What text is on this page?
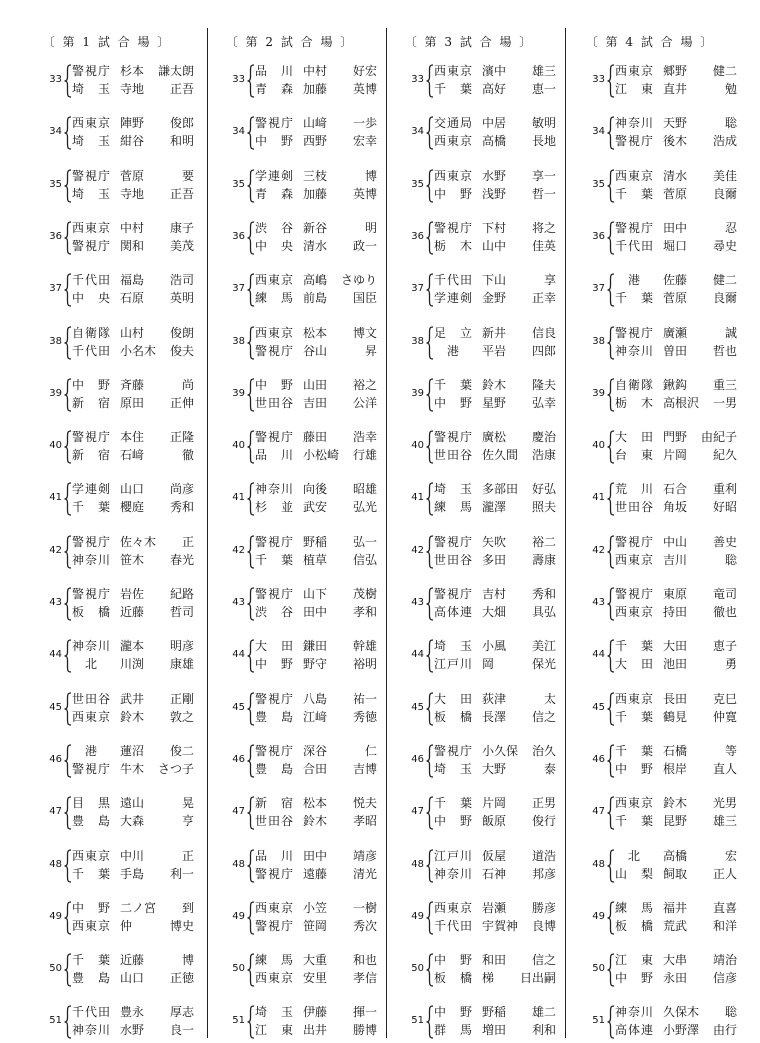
〔 第 1 試 合 場 〕
33
警視庁 杉本	謙太朗
埼　玉 寺地	正吾
34
西東京 陣野	俊郎
埼　玉 紺谷	和明
35
警視庁 菅原	要
埼　玉 寺地	正吾
36
西東京 中村	康子
警視庁 関和	美茂
37
千代田 福島	浩司
中　央 石原	英明
38
自衛隊 山村	俊朗
千代田 小名木	俊夫
39
中　野 斉藤	尚
新　宿 原田	正伸
40
警視庁 本住	正隆
新　宿 石﨑	徹
41
学連剣 山口	尚彦
千　葉 櫻庭	秀和
42
警視庁 佐々木	正
神奈川 笹木	春光
43
警視庁 岩佐	紀路
板　橋 近藤	哲司
44
神奈川 瀧本	明彦
北	川渕	康雄
45
世田谷 武井	正剛
西東京 鈴木	敦之
46
港	蓮沼	俊二
警視庁 牛木	さつ子
47
目　黒 遠山	晃
豊　島 大森	亨
48
西東京 中川	正
千　葉 手島	利一
49
中　野 二ノ宮	到
西東京 仲	博史
50
千　葉 近藤	博
豊　島 山口	正徳
51
千代田 豊永	厚志
神奈川 水野	良一
〔 第 2 試 合 場 〕
33
品　川 中村	好宏
青　森 加藤	英博
34
警視庁 山﨑	一歩
中　野 西野	宏幸
35
学連剣 三枝	博
青　森 加藤	英博
36
渋　谷 新谷	明
中　央 清水	政一
37
西東京 高嶋	さゆり
練　馬 前島	国臣
38
西東京 松本	博文
警視庁 谷山	昇
39
中　野 山田	裕之
世田谷 吉田	公洋
40
警視庁 藤田	浩幸
品　川 小松崎	行雄
41
神奈川 向後	昭雄
杉　並 武安	弘光
42
警視庁 野稲	弘一
千　葉 植草	信弘
43
警視庁 山下	茂樹
渋　谷 田中	孝和
44
大　田 鎌田	幹雄
中　野 野守	裕明
45
警視庁 八島	祐一
豊　島 江﨑	秀徳
46
警視庁 深谷	仁
豊　島 合田	吉博
47
新　宿 松本	悦夫
世田谷 鈴木	孝昭
48
品　川 田中	靖彦
警視庁 遠藤	清光
49
西東京 小笠	一樹
警視庁 笹岡	秀次
50
練　馬 大重	和也
西東京 安里	孝信
51
埼　玉 伊藤	揮一
江　東 出井	勝博
〔 第 3 試 合 場 〕
33
西東京 濱中	雄三
千　葉 高好	恵一
34
交通局 中居	敏明
西東京 高橋	長地
35
西東京 水野	享一
中　野 浅野	哲一
36
警視庁 下村	将之
栃　木 山中	佳英
37
千代田 下山	享
学連剣 金野	正幸
38
足　立 新井	信良
港	平岩	四郎
39
千　葉 鈴木	隆夫
中　野 星野	弘幸
40
警視庁 廣松	慶治
世田谷 佐久間	浩康
41
埼　玉 多部田	好弘
練　馬 瀧澤	照夫
42
警視庁 矢吹	裕二
世田谷 多田	壽康
43
警視庁 吉村	秀和
高体連 大畑	具弘
44
埼　玉 小風	美江
江戸川 岡	保光
45
大　田 荻津	太
板　橋 長澤	信之
46
警視庁 小久保	治久
埼　玉 大野	泰
47
千　葉 片岡	正男
中　野 飯原	俊行
48
江戸川 仮屋	道浩
神奈川 石神	邦彦
49
西東京 岩瀬	勝彦
千代田 宇賀神	良博
50
中　野 和田	信之
板　橋 梯	日出嗣
51
中　野 野稲	雄二
群　馬 増田	利和
〔 第 4 試 合 場 〕
33
西東京 郷野	健二
江　東 直井	勉
34
神奈川 天野	聡
警視庁 後木	浩成
35
西東京 清水	美佳
千　葉 菅原	良爾
36
警視庁 田中	忍
千代田 堀口	尋史
37
港	佐藤	健二
千　葉 菅原	良爾
38
警視庁 廣瀬	誠
神奈川 曽田	哲也
39
自衛隊 鍬鈎	重三
栃　木 高根沢	一男
40
大　田 門野	由紀子
台　東 片岡	紀久
41
荒　川 石合	重利
世田谷 角坂	好昭
42
警視庁 中山	善史
西東京 吉川	聡
43
警視庁 東原	竜司
西東京 持田	徹也
44
千　葉 大田	恵子
大　田 池田	勇
45
西東京 長田	克巳
千　葉 鶴見	仲寛
46
千　葉 石橋	等
中　野 根岸	直人
47
西東京 鈴木	光男
千　葉 昆野	雄三
48
北	高橋	宏
山　梨 飼取	正人
49
練　馬 福井	直喜
板　橋 荒武	和洋
50
江　東 大串	靖治
中　野 永田	信彦
51
神奈川 久保木	聡
高体連 小野澤	由行
